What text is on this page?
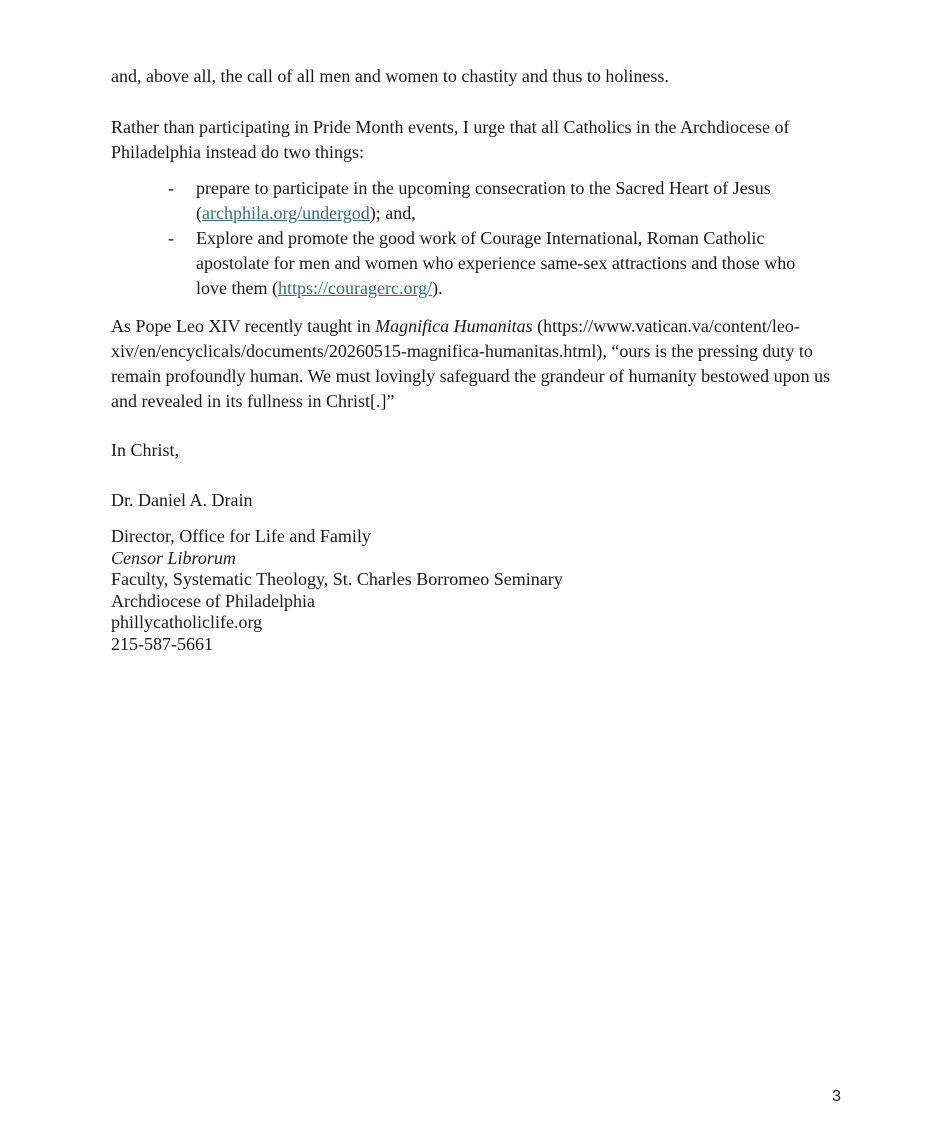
and, above all, the call of all men and women to chastity and thus to holiness.

Rather than participating in Pride Month events, I urge that all Catholics in the Archdiocese of Philadelphia instead do two things:

- prepare to participate in the upcoming consecration to the Sacred Heart of Jesus (archphila.org/undergod); and,
- Explore and promote the good work of Courage International, Roman Catholic apostolate for men and women who experience same-sex attractions and those who love them (https://couragerc.org/).

As Pope Leo XIV recently taught in Magnifica Humanitas (https://www.vatican.va/content/leo-xiv/en/encyclicals/documents/20260515-magnifica-humanitas.html), “ours is the pressing duty to remain profoundly human. We must lovingly safeguard the grandeur of humanity bestowed upon us and revealed in its fullness in Christ[.]”

In Christ,

Dr. Daniel A. Drain

Director, Office for Life and Family
Censor Librorum
Faculty, Systematic Theology, St. Charles Borromeo Seminary
Archdiocese of Philadelphia
phillycatholiclife.org
215-587-5661
3
